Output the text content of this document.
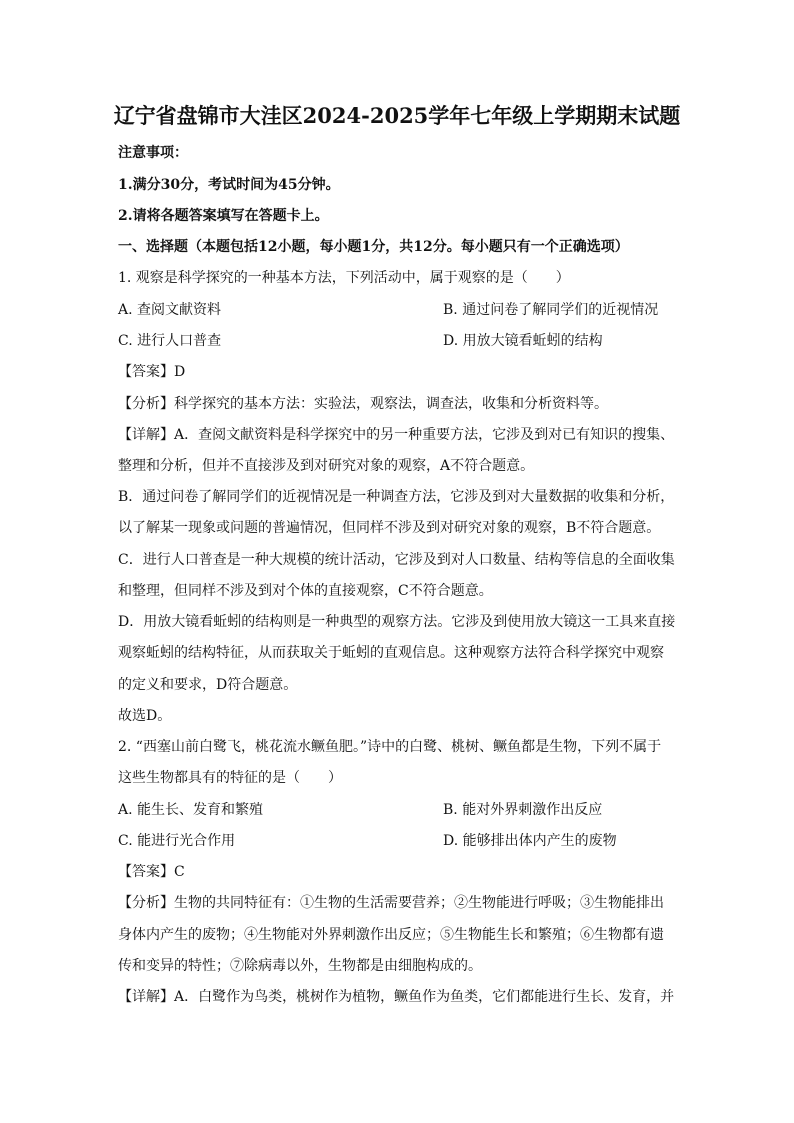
辽宁省盘锦市大洼区2024-2025学年七年级上学期期末试题
注意事项：
1.满分30分，考试时间为45分钟。
2.请将各题答案填写在答题卡上。
一、选择题（本题包括12小题，每小题1分，共12分。每小题只有一个正确选项）
1. 观察是科学探究的一种基本方法，下列活动中，属于观察的是（　　）
A. 查阅文献资料	B. 通过问卷了解同学们的近视情况
C. 进行人口普查	D. 用放大镜看蚯蚓的结构
【答案】D
【分析】科学探究的基本方法：实验法，观察法，调查法，收集和分析资料等。
【详解】A．查阅文献资料是科学探究中的另一种重要方法，它涉及到对已有知识的搜集、
整理和分析，但并不直接涉及到对研究对象的观察，A不符合题意。
B．通过问卷了解同学们的近视情况是一种调查方法，它涉及到对大量数据的收集和分析，
以了解某一现象或问题的普遍情况，但同样不涉及到对研究对象的观察，B不符合题意。
C．进行人口普查是一种大规模的统计活动，它涉及到对人口数量、结构等信息的全面收集
和整理，但同样不涉及到对个体的直接观察，C不符合题意。
D．用放大镜看蚯蚓的结构则是一种典型的观察方法。它涉及到使用放大镜这一工具来直接
观察蚯蚓的结构特征，从而获取关于蚯蚓的直观信息。这种观察方法符合科学探究中观察
的定义和要求，D符合题意。
故选D。
2. “西塞山前白鹭飞，桃花流水鳜鱼肥。”诗中的白鹭、桃树、鳜鱼都是生物，下列不属于
这些生物都具有的特征的是（　　）
A. 能生长、发育和繁殖	B. 能对外界刺激作出反应
C. 能进行光合作用	D. 能够排出体内产生的废物
【答案】C
【分析】生物的共同特征有：①生物的生活需要营养；②生物能进行呼吸；③生物能排出
身体内产生的废物；④生物能对外界刺激作出反应；⑤生物能生长和繁殖；⑥生物都有遗
传和变异的特性；⑦除病毒以外，生物都是由细胞构成的。
【详解】A．白鹭作为鸟类，桃树作为植物，鳜鱼作为鱼类，它们都能进行生长、发育，并
